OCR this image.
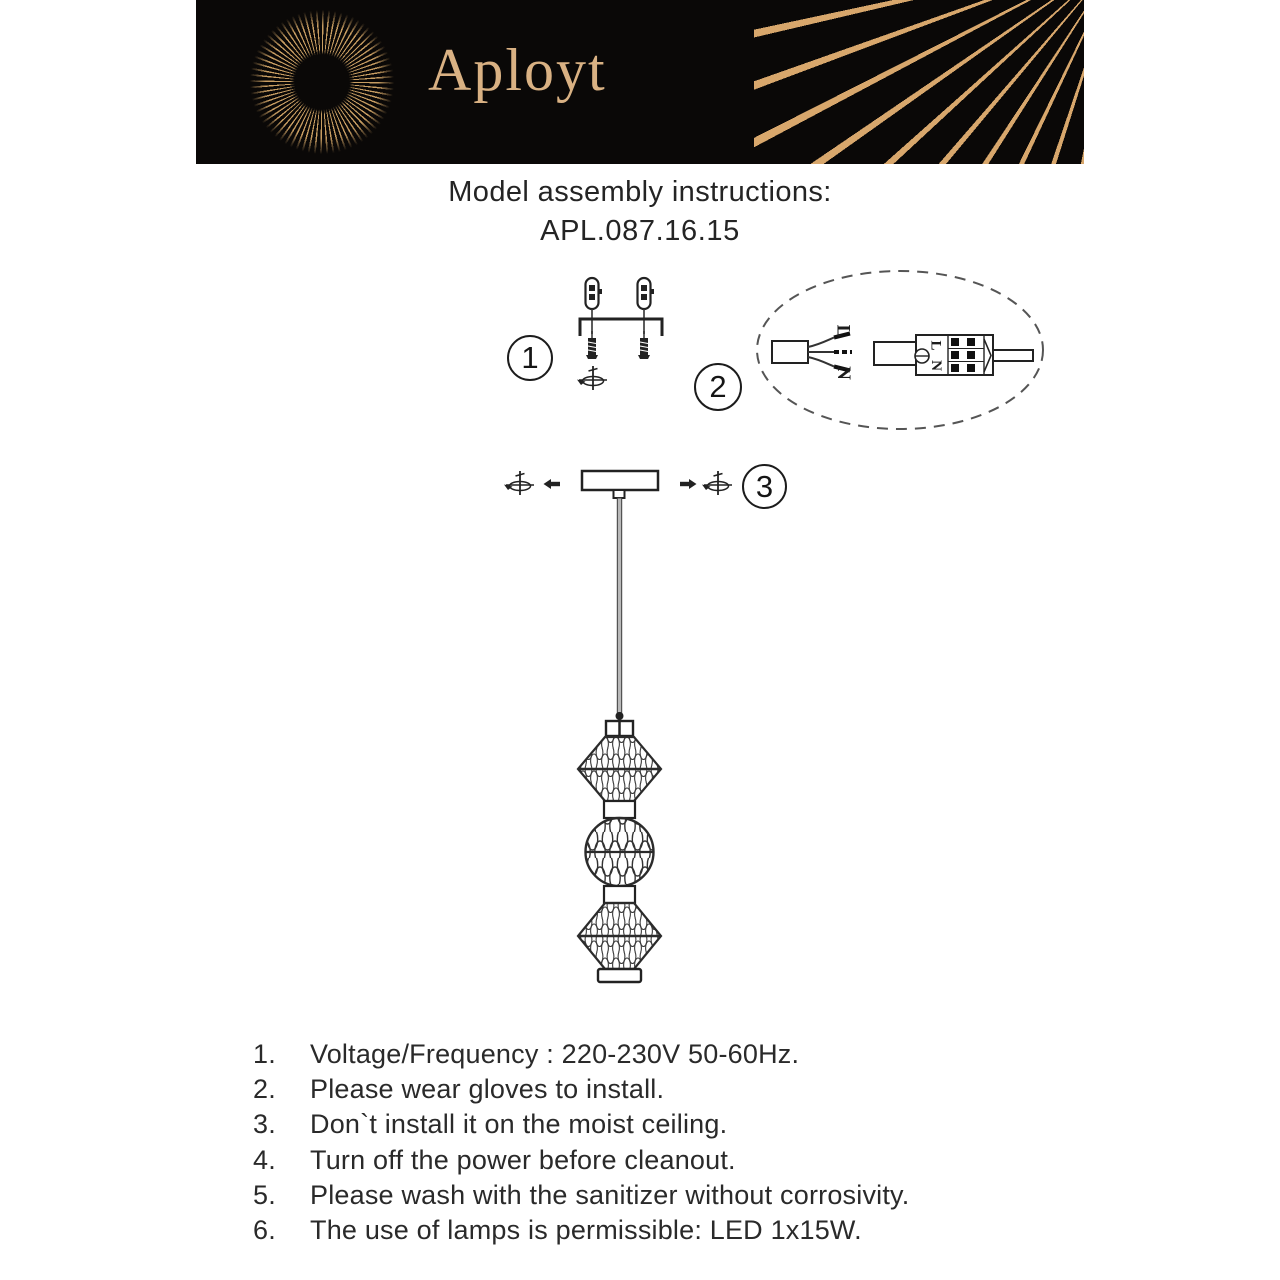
Aployt
Model assembly instructions:
APL.087.16.15
1
2
3
L
N
L
N
1.	Voltage/Frequency : 220-230V 50-60Hz.
2.	Please wear gloves to install.
3.	Don`t install it on the moist ceiling.
4.	Turn off the power before cleanout.
5.	Please wash with the sanitizer without corrosivity.
6.	The use of lamps is permissible: LED 1x15W.
